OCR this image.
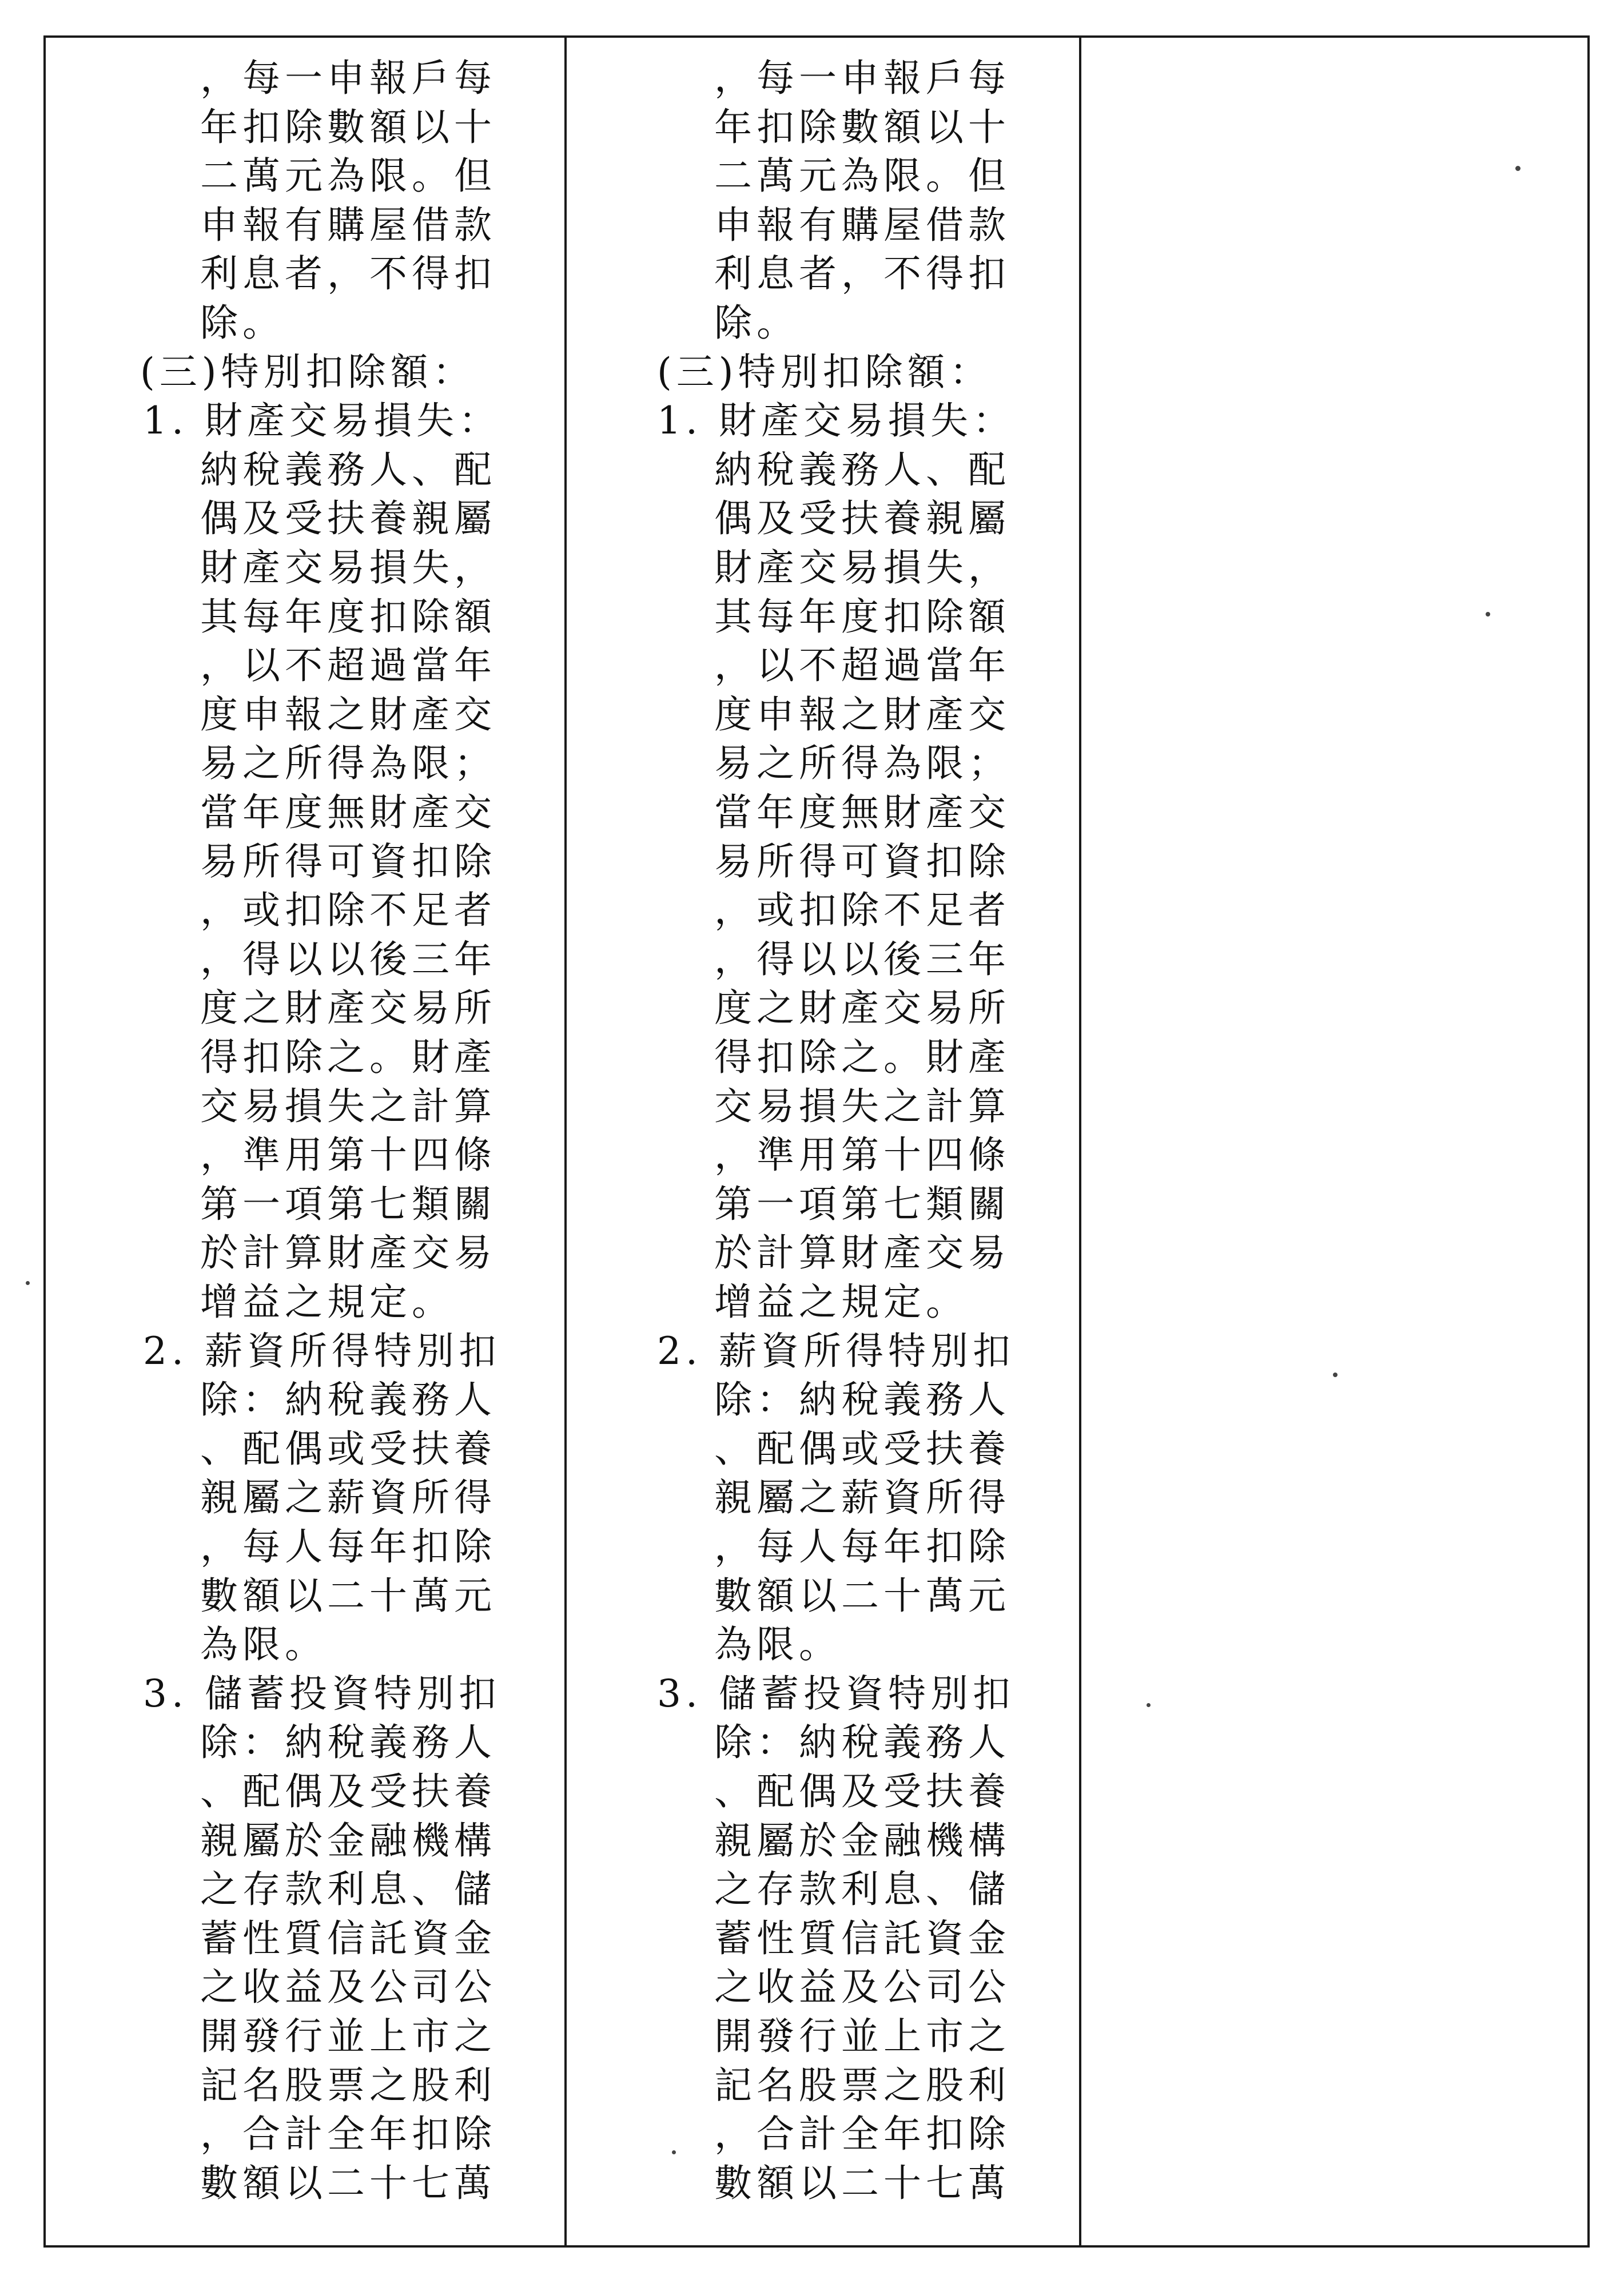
，每一申報戶每

年扣除數額以十

二萬元為限。但

申報有購屋借款

利息者，不得扣

除。

(三)特別扣除額：

1. 財產交易損失：

納稅義務人、配

偶及受扶養親屬

財產交易損失，

其每年度扣除額

，以不超過當年

度申報之財產交

易之所得為限；

當年度無財產交

易所得可資扣除

，或扣除不足者

，得以以後三年

度之財產交易所

得扣除之。財產

交易損失之計算

，準用第十四條

第一項第七類關

於計算財產交易

增益之規定。

2. 薪資所得特別扣

除：納稅義務人

、配偶或受扶養

親屬之薪資所得

，每人每年扣除

數額以二十萬元

為限。

3. 儲蓄投資特別扣

除：納稅義務人

、配偶及受扶養

親屬於金融機構

之存款利息、儲

蓄性質信託資金

之收益及公司公

開發行並上市之

記名股票之股利

，合計全年扣除

數額以二十七萬

，每一申報戶每

年扣除數額以十

二萬元為限。但

申報有購屋借款

利息者，不得扣

除。

(三)特別扣除額：

1. 財產交易損失：

納稅義務人、配

偶及受扶養親屬

財產交易損失，

其每年度扣除額

，以不超過當年

度申報之財產交

易之所得為限；

當年度無財產交

易所得可資扣除

，或扣除不足者

，得以以後三年

度之財產交易所

得扣除之。財產

交易損失之計算

，準用第十四條

第一項第七類關

於計算財產交易

增益之規定。

2. 薪資所得特別扣

除：納稅義務人

、配偶或受扶養

親屬之薪資所得

，每人每年扣除

數額以二十萬元

為限。

3. 儲蓄投資特別扣

除：納稅義務人

、配偶及受扶養

親屬於金融機構

之存款利息、儲

蓄性質信託資金

之收益及公司公

開發行並上市之

記名股票之股利

，合計全年扣除

數額以二十七萬
